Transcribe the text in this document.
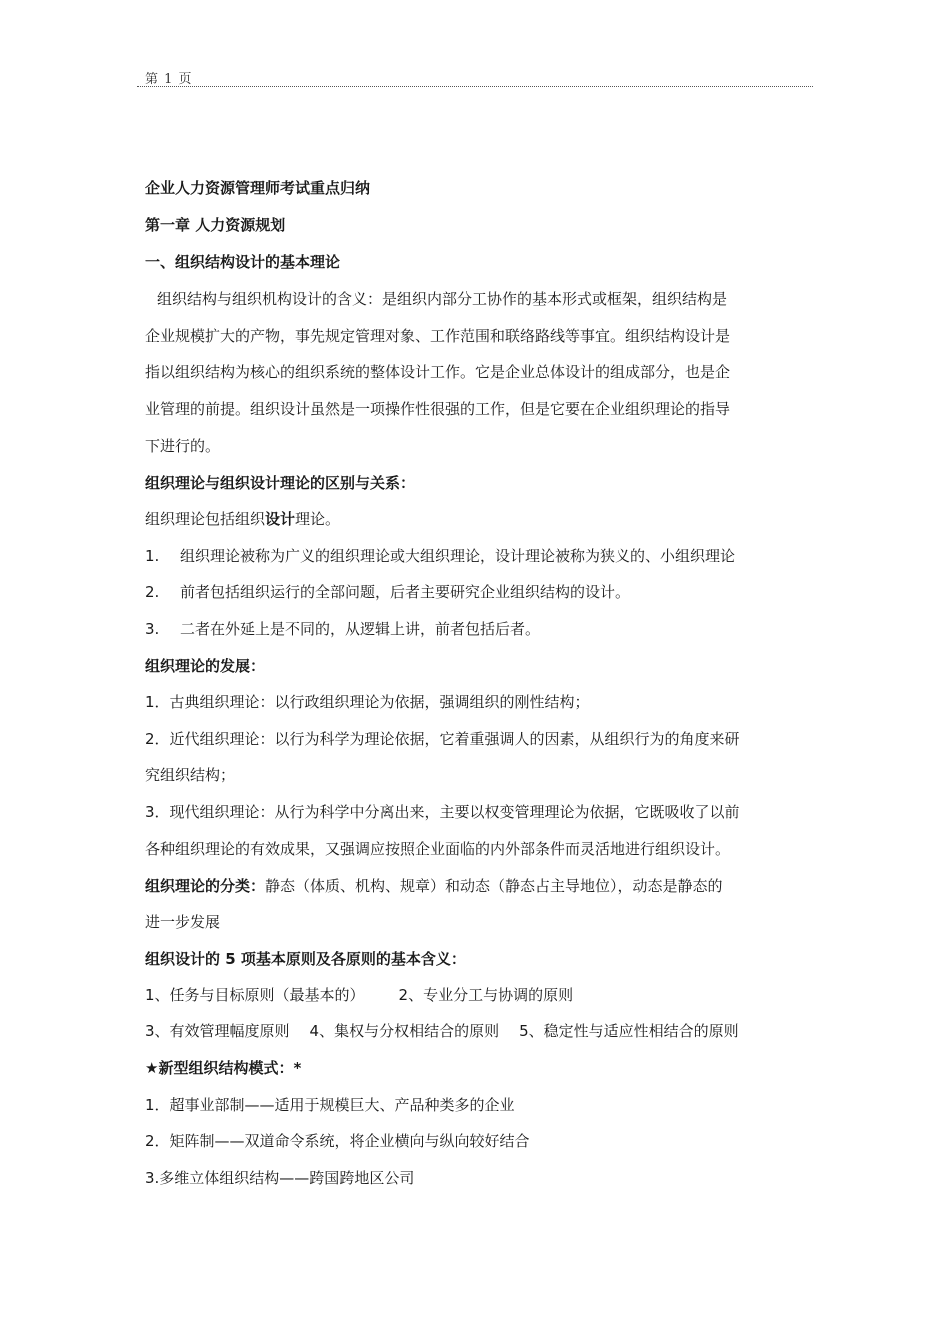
第 1 页
企业人力资源管理师考试重点归纳
第一章 人力资源规划
一、组织结构设计的基本理论
组织结构与组织机构设计的含义：是组织内部分工协作的基本形式或框架，组织结构是
企业规模扩大的产物，事先规定管理对象、工作范围和联络路线等事宜。组织结构设计是
指以组织结构为核心的组织系统的整体设计工作。它是企业总体设计的组成部分，也是企
业管理的前提。组织设计虽然是一项操作性很强的工作，但是它要在企业组织理论的指导
下进行的。
组织理论与组织设计理论的区别与关系：
组织理论包括组织设计理论。
1. 组织理论被称为广义的组织理论或大组织理论，设计理论被称为狭义的、小组织理论
2. 前者包括组织运行的全部问题，后者主要研究企业组织结构的设计。
3. 二者在外延上是不同的，从逻辑上讲，前者包括后者。
组织理论的发展：
1．古典组织理论：以行政组织理论为依据，强调组织的刚性结构；
2．近代组织理论：以行为科学为理论依据，它着重强调人的因素，从组织行为的角度来研
究组织结构；
3．现代组织理论：从行为科学中分离出来，主要以权变管理理论为依据，它既吸收了以前
各种组织理论的有效成果，又强调应按照企业面临的内外部条件而灵活地进行组织设计。
组织理论的分类：静态（体质、机构、规章）和动态（静态占主导地位），动态是静态的
进一步发展
组织设计的 5 项基本原则及各原则的基本含义：
1、任务与目标原则（最基本的） 2、专业分工与协调的原则
3、有效管理幅度原则 4、集权与分权相结合的原则 5、稳定性与适应性相结合的原则
★新型组织结构模式：*
1．超事业部制——适用于规模巨大、产品种类多的企业
2．矩阵制——双道命令系统，将企业横向与纵向较好结合
3.多维立体组织结构——跨国跨地区公司
